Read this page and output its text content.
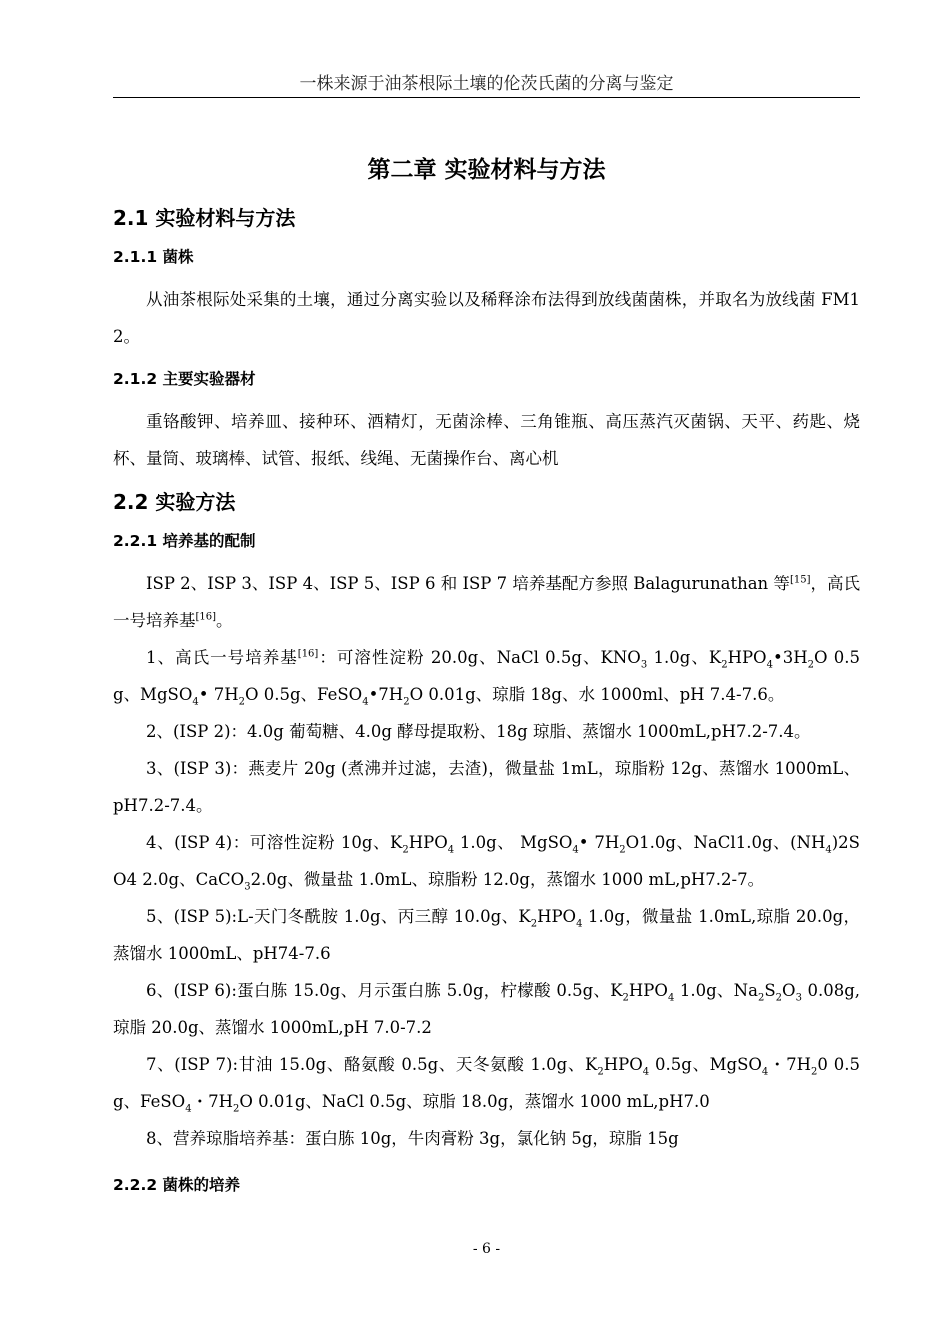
一株来源于油茶根际土壤的伦茨氏菌的分离与鉴定
第二章 实验材料与方法
2.1 实验材料与方法
2.1.1 菌株

从油茶根际处采集的土壤，通过分离实验以及稀释涂布法得到放线菌菌株，并取名为放线菌 FM12。

2.1.2 主要实验器材

重铬酸钾、培养皿、接种环、酒精灯，无菌涂棒、三角锥瓶、高压蒸汽灭菌锅、天平、药匙、烧杯、量筒、玻璃棒、试管、报纸、线绳、无菌操作台、离心机

2.2 实验方法
2.2.1 培养基的配制

ISP 2、ISP 3、ISP 4、ISP 5、ISP 6 和 ISP 7 培养基配方参照 Balagurunathan 等[15]，高氏一号培养基[16]。

1、高氏一号培养基[16]：可溶性淀粉 20.0g、NaCl 0.5g、$KNO_3$ 1.0g、$K_2HPO_4•3H_2O$ 0.5g、MgSO$_4$• $7H_2O$ 0.5g、$FeSO_4•7H_2O$ 0.01g、琼脂 18g、水 1000ml、pH 7.4-7.6。

2、(ISP 2)：4.0g 葡萄糖、4.0g 酵母提取粉、18g 琼脂、蒸馏水 1000mL,pH7.2-7.4。

3、(ISP 3)：燕麦片 20g (煮沸并过滤，去渣)，微量盐 1mL，琼脂粉 12g、蒸馏水 1000mL、pH7.2-7.4。

4、(ISP 4)：可溶性淀粉 10g、$K_2HPO_4$ 1.0g、 MgSO$_4$• $7H_2O1.0g$、NaCl1.0g、$(NH_4)2SO4$ 2.0g、CaCO$_3$2.0g、微量盐 1.0mL、琼脂粉 12.0g，蒸馏水 1000 mL,pH7.2-7。

5、(ISP 5):L-天门冬酰胺 1.0g、丙三醇 10.0g、$K_2HPO_4$ 1.0g，微量盐 1.0mL,琼脂 20.0g，蒸馏水 1000mL、pH74-7.6

6、(ISP 6):蛋白胨 15.0g、月示蛋白胨 5.0g，柠檬酸 0.5g、$K_2HPO_4$ 1.0g、$Na_2S_2O_3$ 0.08g,琼脂 20.0g、蒸馏水 1000mL,pH 7.0-7.2

7、(ISP 7):甘油 15.0g、酪氨酸 0.5g、天冬氨酸 1.0g、$K_2HPO_4$ 0.5g、MgSO$_4$・$7H_20$ 0.5g、FeSO$_4$・$7H_2O$ 0.01g、NaCl 0.5g、琼脂 18.0g，蒸馏水 1000 mL,pH7.0

8、营养琼脂培养基：蛋白胨 10g，牛肉膏粉 3g，氯化钠 5g，琼脂 15g

2.2.2 菌株的培养
- 6 -
